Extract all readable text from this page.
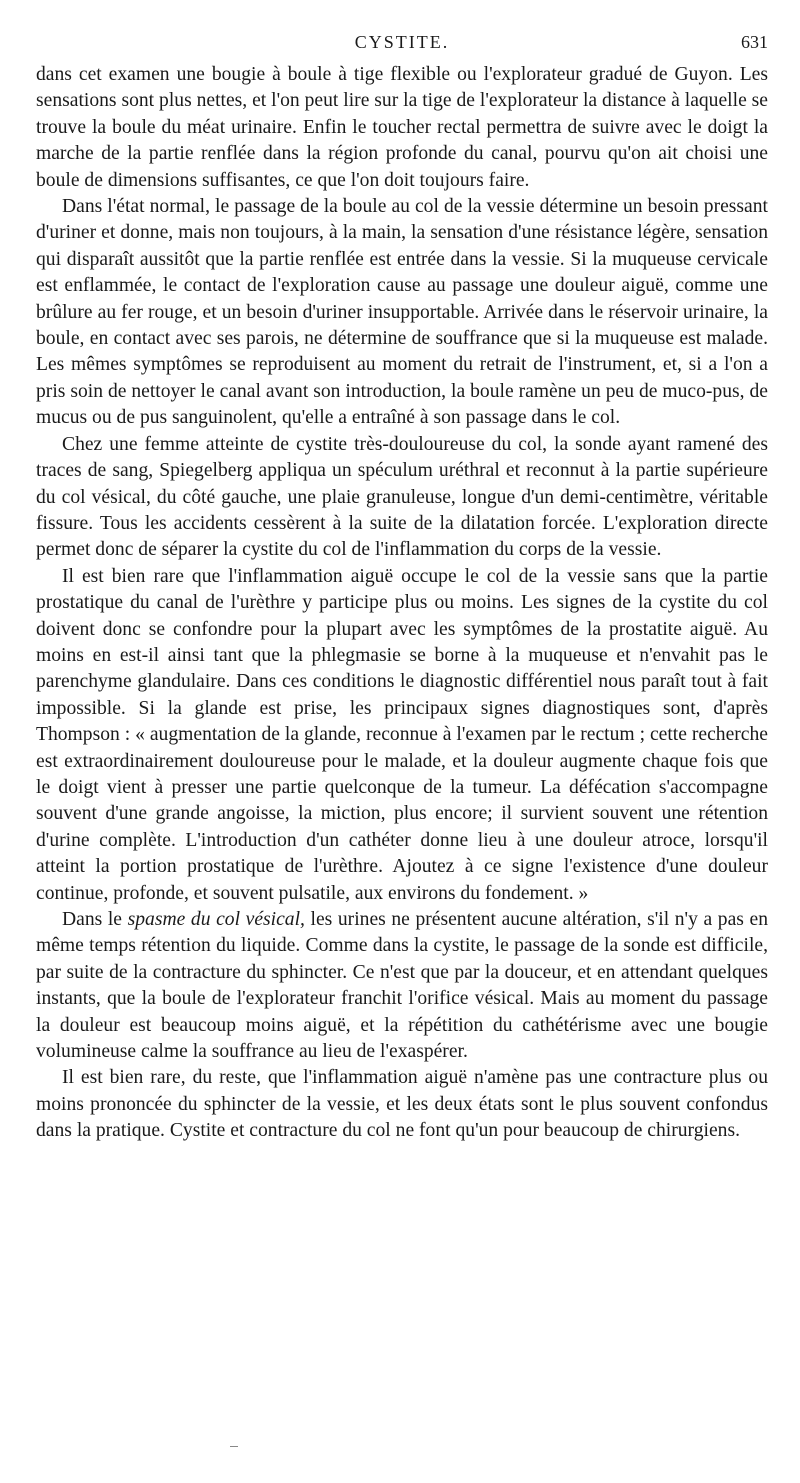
CYSTITE.	631

dans cet examen une bougie à boule à tige flexible ou l'explorateur gradué de Guyon. Les sensations sont plus nettes, et l'on peut lire sur la tige de l'explorateur la distance à laquelle se trouve la boule du méat urinaire. Enfin le toucher rectal permettra de suivre avec le doigt la marche de la partie renflée dans la région profonde du canal, pourvu qu'on ait choisi une boule de dimensions suffisantes, ce que l'on doit toujours faire.

Dans l'état normal, le passage de la boule au col de la vessie détermine un besoin pressant d'uriner et donne, mais non toujours, à la main, la sensation d'une résistance légère, sensation qui disparaît aussitôt que la partie renflée est entrée dans la vessie. Si la muqueuse cervicale est enflammée, le contact de l'exploration cause au passage une douleur aiguë, comme une brûlure au fer rouge, et un besoin d'uriner insupportable. Arrivée dans le réservoir urinaire, la boule, en contact avec ses parois, ne détermine de souffrance que si la muqueuse est malade. Les mêmes symptômes se reproduisent au moment du retrait de l'instrument, et, si a l'on a pris soin de nettoyer le canal avant son introduction, la boule ramène un peu de muco-pus, de mucus ou de pus sanguinolent, qu'elle a entraîné à son passage dans le col.

Chez une femme atteinte de cystite très-douloureuse du col, la sonde ayant ramené des traces de sang, Spiegelberg appliqua un spéculum uréthral et reconnut à la partie supérieure du col vésical, du côté gauche, une plaie granuleuse, longue d'un demi-centimètre, véritable fissure. Tous les accidents cessèrent à la suite de la dilatation forcée. L'exploration directe permet donc de séparer la cystite du col de l'inflammation du corps de la vessie.

Il est bien rare que l'inflammation aiguë occupe le col de la vessie sans que la partie prostatique du canal de l'urèthre y participe plus ou moins. Les signes de la cystite du col doivent donc se confondre pour la plupart avec les symptômes de la prostatite aiguë. Au moins en est-il ainsi tant que la phlegmasie se borne à la muqueuse et n'envahit pas le parenchyme glandulaire. Dans ces conditions le diagnostic différentiel nous paraît tout à fait impossible. Si la glande est prise, les principaux signes diagnostiques sont, d'après Thompson : « augmentation de la glande, reconnue à l'examen par le rectum ; cette recherche est extraordinairement douloureuse pour le malade, et la douleur augmente chaque fois que le doigt vient à presser une partie quelconque de la tumeur. La défécation s'accompagne souvent d'une grande angoisse, la miction, plus encore; il survient souvent une rétention d'urine complète. L'introduction d'un cathéter donne lieu à une douleur atroce, lorsqu'il atteint la portion prostatique de l'urèthre. Ajoutez à ce signe l'existence d'une douleur continue, profonde, et souvent pulsatile, aux environs du fondement. »

Dans le spasme du col vésical, les urines ne présentent aucune altération, s'il n'y a pas en même temps rétention du liquide. Comme dans la cystite, le passage de la sonde est difficile, par suite de la contracture du sphincter. Ce n'est que par la douceur, et en attendant quelques instants, que la boule de l'explorateur franchit l'orifice vésical. Mais au moment du passage la douleur est beaucoup moins aiguë, et la répétition du cathétérisme avec une bougie volumineuse calme la souffrance au lieu de l'exaspérer.

Il est bien rare, du reste, que l'inflammation aiguë n'amène pas une contracture plus ou moins prononcée du sphincter de la vessie, et les deux états sont le plus souvent confondus dans la pratique. Cystite et contracture du col ne font qu'un pour beaucoup de chirurgiens.
